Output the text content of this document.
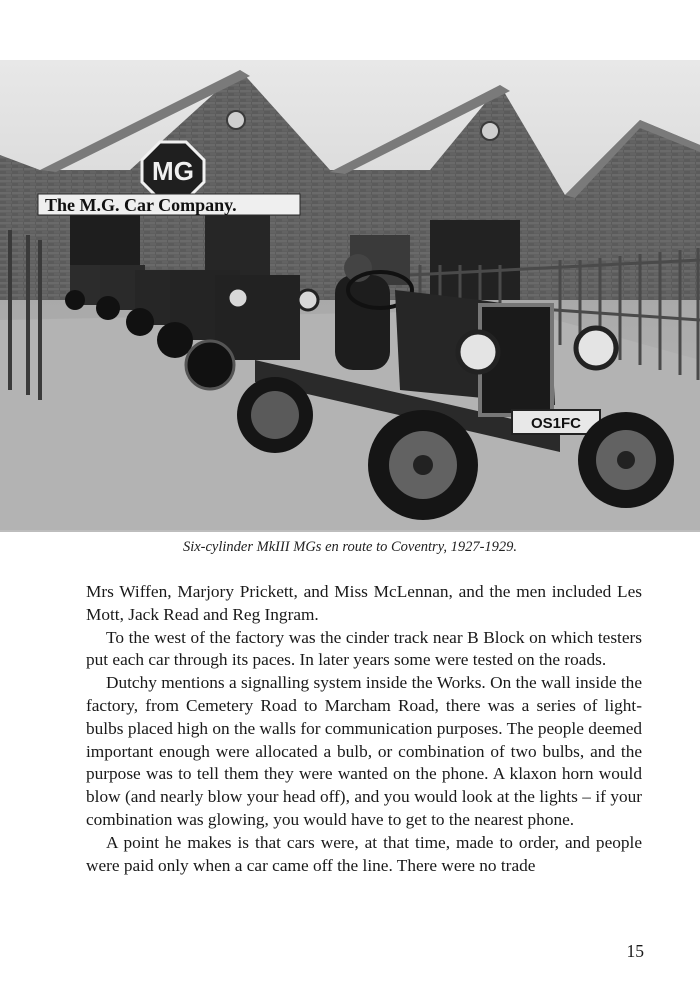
MG
The M.G. Car Company.
OS1FC

Six-cylinder MkIII MGs en route to Coventry, 1927-1929.

Mrs Wiffen, Marjory Prickett, and Miss McLennan, and the men included Les Mott, Jack Read and Reg Ingram.

To the west of the factory was the cinder track near B Block on which testers put each car through its paces. In later years some were tested on the roads.

Dutchy mentions a signalling system inside the Works. On the wall inside the factory, from Cemetery Road to Marcham Road, there was a series of light-bulbs placed high on the walls for communication purposes. The people deemed important enough were allocated a bulb, or combination of two bulbs, and the purpose was to tell them they were wanted on the phone. A klaxon horn would blow (and nearly blow your head off), and you would look at the lights – if your combination was glowing, you would have to get to the nearest phone.

A point he makes is that cars were, at that time, made to order, and people were paid only when a car came off the line. There were no trade

15
